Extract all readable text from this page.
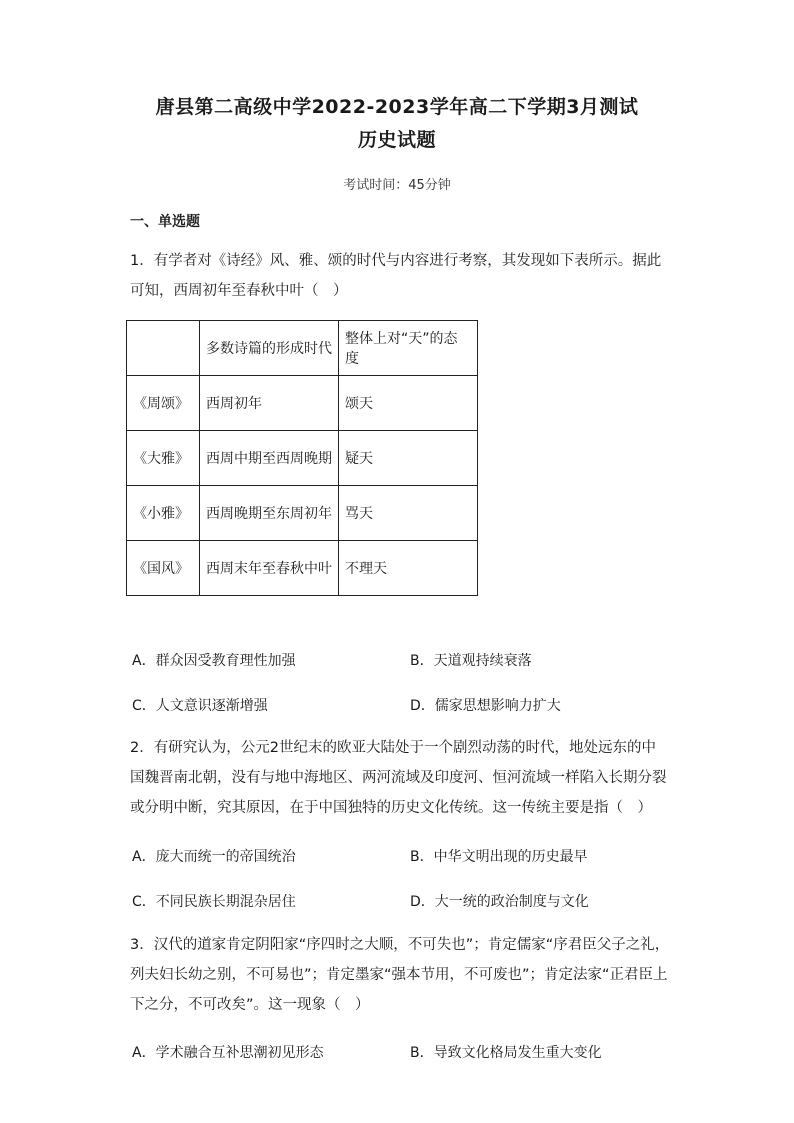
唐县第二高级中学2022-2023学年高二下学期3月测试
历史试题
考试时间：45分钟
一、单选题
1．有学者对《诗经》风、雅、颂的时代与内容进行考察，其发现如下表所示。据此可知，西周初年至春秋中叶（　）
	多数诗篇的形成时代	整体上对“天”的态度
《周颂》	西周初年	颂天
《大雅》	西周中期至西周晚期	疑天
《小雅》	西周晚期至东周初年	骂天
《国风》	西周末年至春秋中叶	不理天
A．群众因受教育理性加强	B．天道观持续衰落
C．人文意识逐渐增强	D．儒家思想影响力扩大
2．有研究认为，公元2世纪末的欧亚大陆处于一个剧烈动荡的时代，地处远东的中国魏晋南北朝，没有与地中海地区、两河流域及印度河、恒河流域一样陷入长期分裂或分明中断，究其原因，在于中国独特的历史文化传统。这一传统主要是指（　）
A．庞大而统一的帝国统治	B．中华文明出现的历史最早
C．不同民族长期混杂居住	D．大一统的政治制度与文化
3．汉代的道家肯定阴阳家“序四时之大顺，不可失也”；肯定儒家“序君臣父子之礼，列夫妇长幼之别，不可易也”；肯定墨家“强本节用，不可废也”；肯定法家“正君臣上下之分，不可改矣”。这一现象（　）
A．学术融合互补思潮初见形态	B．导致文化格局发生重大变化
